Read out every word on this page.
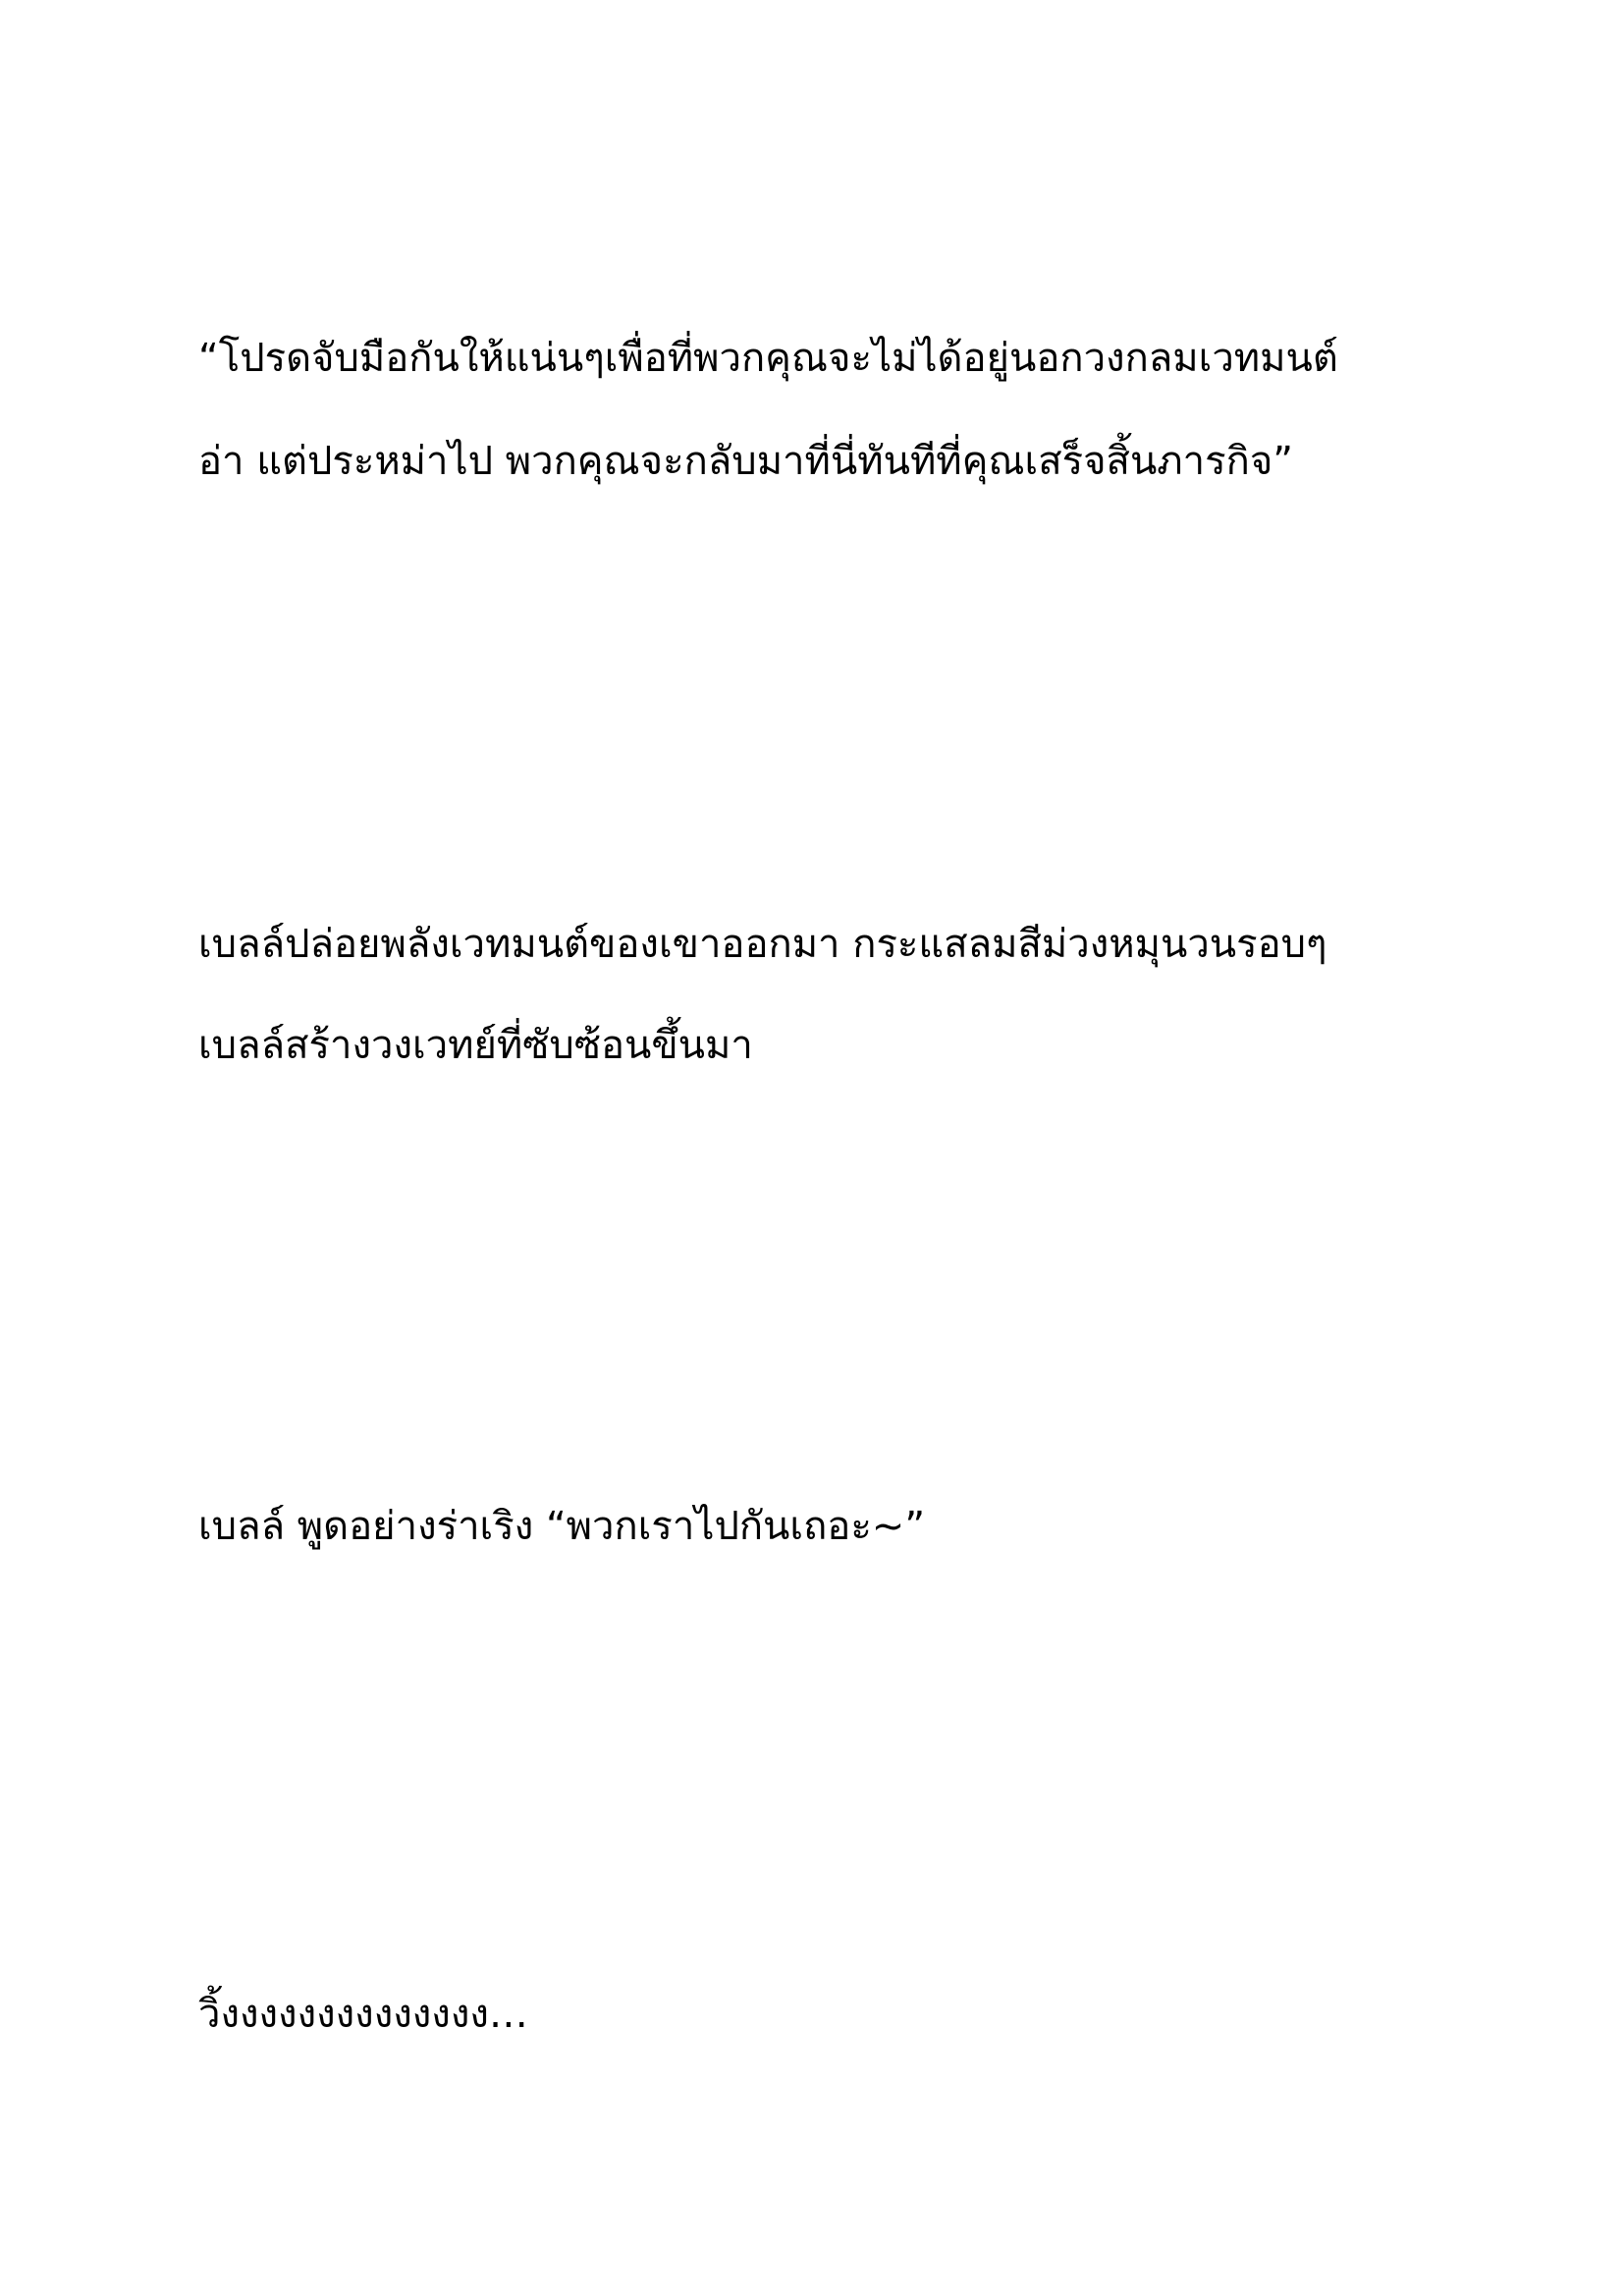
“โปรดจับมือกันให้แน่นๆเพื่อที่พวกคุณจะไม่ได้อยู่นอกวงกลมเวทมนต์
อ่า แต่ประหม่าไป พวกคุณจะกลับมาที่นี่ทันทีที่คุณเสร็จสิ้นภารกิจ”
เบลล์ปล่อยพลังเวทมนต์ของเขาออกมา กระแสลมสีม่วงหมุนวนรอบๆ
เบลล์สร้างวงเวทย์ที่ซับซ้อนขึ้นมา
เบลล์ พูดอย่างร่าเริง “พวกเราไปกันเถอะ~”
วิ้งงงงงงงงงงงงงง…
